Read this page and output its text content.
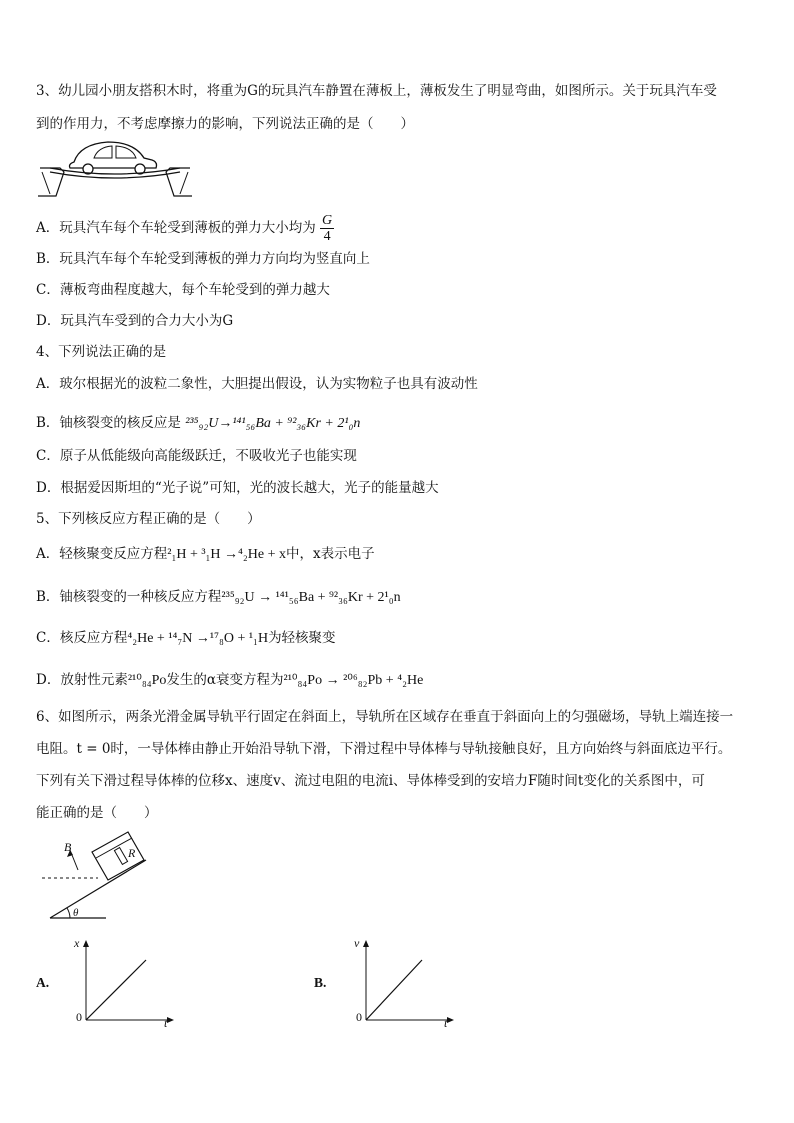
3、幼儿园小朋友搭积木时，将重为G的玩具汽车静置在薄板上，薄板发生了明显弯曲，如图所示。关于玩具汽车受
到的作用力，不考虑摩擦力的影响，下列说法正确的是（　　）
A．玩具汽车每个车轮受到薄板的弹力大小均为 $\frac{G}{4}$
B．玩具汽车每个车轮受到薄板的弹力方向均为竖直向上
C．薄板弯曲程度越大，每个车轮受到的弹力越大
D．玩具汽车受到的合力大小为G
4、下列说法正确的是
A．玻尔根据光的波粒二象性，大胆提出假设，认为实物粒子也具有波动性
B．铀核裂变的核反应是 ²³⁵₉₂U→¹⁴¹₅₆Ba + ⁹²₃₆Kr + 2¹₀n
C．原子从低能级向高能级跃迁，不吸收光子也能实现
D．根据爱因斯坦的“光子说”可知，光的波长越大，光子的能量越大
5、下列核反应方程正确的是（　　）
A．轻核聚变反应方程²₁H + ³₁H →⁴₂He + x中，x表示电子
B．铀核裂变的一种核反应方程²³⁵₉₂U → ¹⁴¹₅₆Ba + ⁹²₃₆Kr + 2¹₀n
C．核反应方程⁴₂He + ¹⁴₇N →¹⁷₈O + ¹₁H为轻核聚变
D．放射性元素²¹⁰₈₄Po发生的α衰变方程为²¹⁰₈₄Po → ²⁰⁶₈₂Pb + ⁴₂He
6、如图所示，两条光滑金属导轨平行固定在斜面上，导轨所在区域存在垂直于斜面向上的匀强磁场，导轨上端连接一
电阻。t = 0时，一导体棒由静止开始沿导轨下滑，下滑过程中导体棒与导轨接触良好，且方向始终与斜面底边平行。
下列有关下滑过程导体棒的位移x、速度v、流过电阻的电流i、导体棒受到的安培力F随时间t变化的关系图中，可
能正确的是（　　）
B	R
θ
A.
x
t
0
B.
v
t
0
